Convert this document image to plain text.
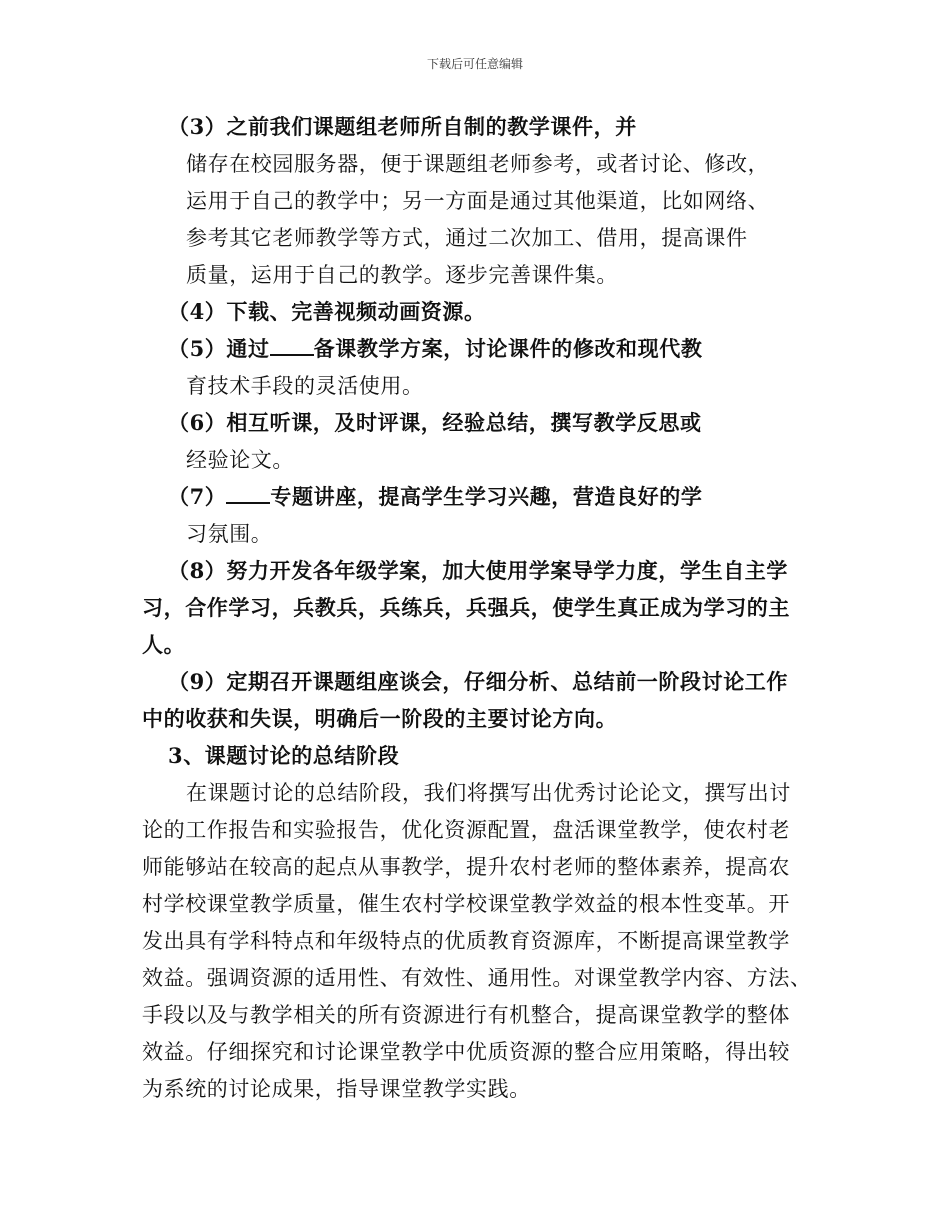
下载后可任意编辑
（3）之前我们课题组老师所自制的教学课件，并
储存在校园服务器，便于课题组老师参考，或者讨论、修改，
运用于自己的教学中；另一方面是通过其他渠道，比如网络、
参考其它老师教学等方式，通过二次加工、借用，提高课件
质量，运用于自己的教学。逐步完善课件集。
（4）下载、完善视频动画资源。
（5）通过 备课教学方案，讨论课件的修改和现代教
育技术手段的灵活使用。
（6）相互听课，及时评课，经验总结，撰写教学反思或
经验论文。
（7） 专题讲座，提高学生学习兴趣，营造良好的学
习氛围。
（8）努力开发各年级学案，加大使用学案导学力度，学生自主学
习，合作学习，兵教兵，兵练兵，兵强兵，使学生真正成为学习的主
人。
（9）定期召开课题组座谈会，仔细分析、总结前一阶段讨论工作
中的收获和失误，明确后一阶段的主要讨论方向。
3、课题讨论的总结阶段
在课题讨论的总结阶段，我们将撰写出优秀讨论论文，撰写出讨
论的工作报告和实验报告，优化资源配置，盘活课堂教学，使农村老
师能够站在较高的起点从事教学，提升农村老师的整体素养，提高农
村学校课堂教学质量，催生农村学校课堂教学效益的根本性变革。开
发出具有学科特点和年级特点的优质教育资源库，不断提高课堂教学
效益。强调资源的适用性、有效性、通用性。对课堂教学内容、方法、
手段以及与教学相关的所有资源进行有机整合，提高课堂教学的整体
效益。仔细探究和讨论课堂教学中优质资源的整合应用策略，得出较
为系统的讨论成果，指导课堂教学实践。
